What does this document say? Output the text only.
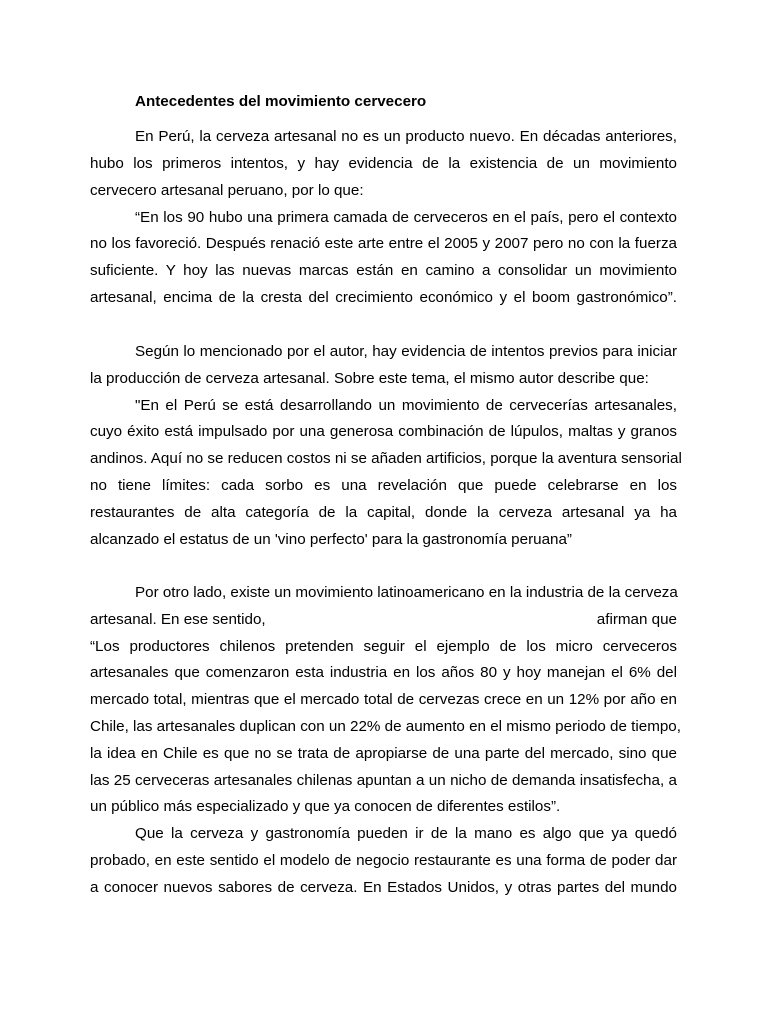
Antecedentes del movimiento cervecero
En Perú, la cerveza artesanal no es un producto nuevo. En décadas anteriores,
hubo los primeros intentos, y hay evidencia de la existencia de un movimiento
cervecero artesanal peruano, por lo que:
“En los 90 hubo una primera camada de cerveceros en el país, pero el contexto
no los favoreció. Después renació este arte entre el 2005 y 2007 pero no con la fuerza
suficiente. Y hoy las nuevas marcas están en camino a consolidar un movimiento
artesanal, encima de la cresta del crecimiento económico y el boom gastronómico”.
Según lo mencionado por el autor, hay evidencia de intentos previos para iniciar
la producción de cerveza artesanal. Sobre este tema, el mismo autor describe que:
"En el Perú se está desarrollando un movimiento de cervecerías artesanales,
cuyo éxito está impulsado por una generosa combinación de lúpulos, maltas y granos
andinos. Aquí no se reducen costos ni se añaden artificios, porque la aventura sensorial
no tiene límites: cada sorbo es una revelación que puede celebrarse en los
restaurantes de alta categoría de la capital, donde la cerveza artesanal ya ha
alcanzado el estatus de un 'vino perfecto' para la gastronomía peruana”
Por otro lado, existe un movimiento latinoamericano en la industria de la cerveza
artesanal. En ese sentido,	afirman que
“Los productores chilenos pretenden seguir el ejemplo de los micro cerveceros
artesanales que comenzaron esta industria en los años 80 y hoy manejan el 6% del
mercado total, mientras que el mercado total de cervezas crece en un 12% por año en
Chile, las artesanales duplican con un 22% de aumento en el mismo periodo de tiempo,
la idea en Chile es que no se trata de apropiarse de una parte del mercado, sino que
las 25 cerveceras artesanales chilenas apuntan a un nicho de demanda insatisfecha, a
un público más especializado y que ya conocen de diferentes estilos”.
Que la cerveza y gastronomía pueden ir de la mano es algo que ya quedó
probado, en este sentido el modelo de negocio restaurante es una forma de poder dar
a conocer nuevos sabores de cerveza. En Estados Unidos, y otras partes del mundo
